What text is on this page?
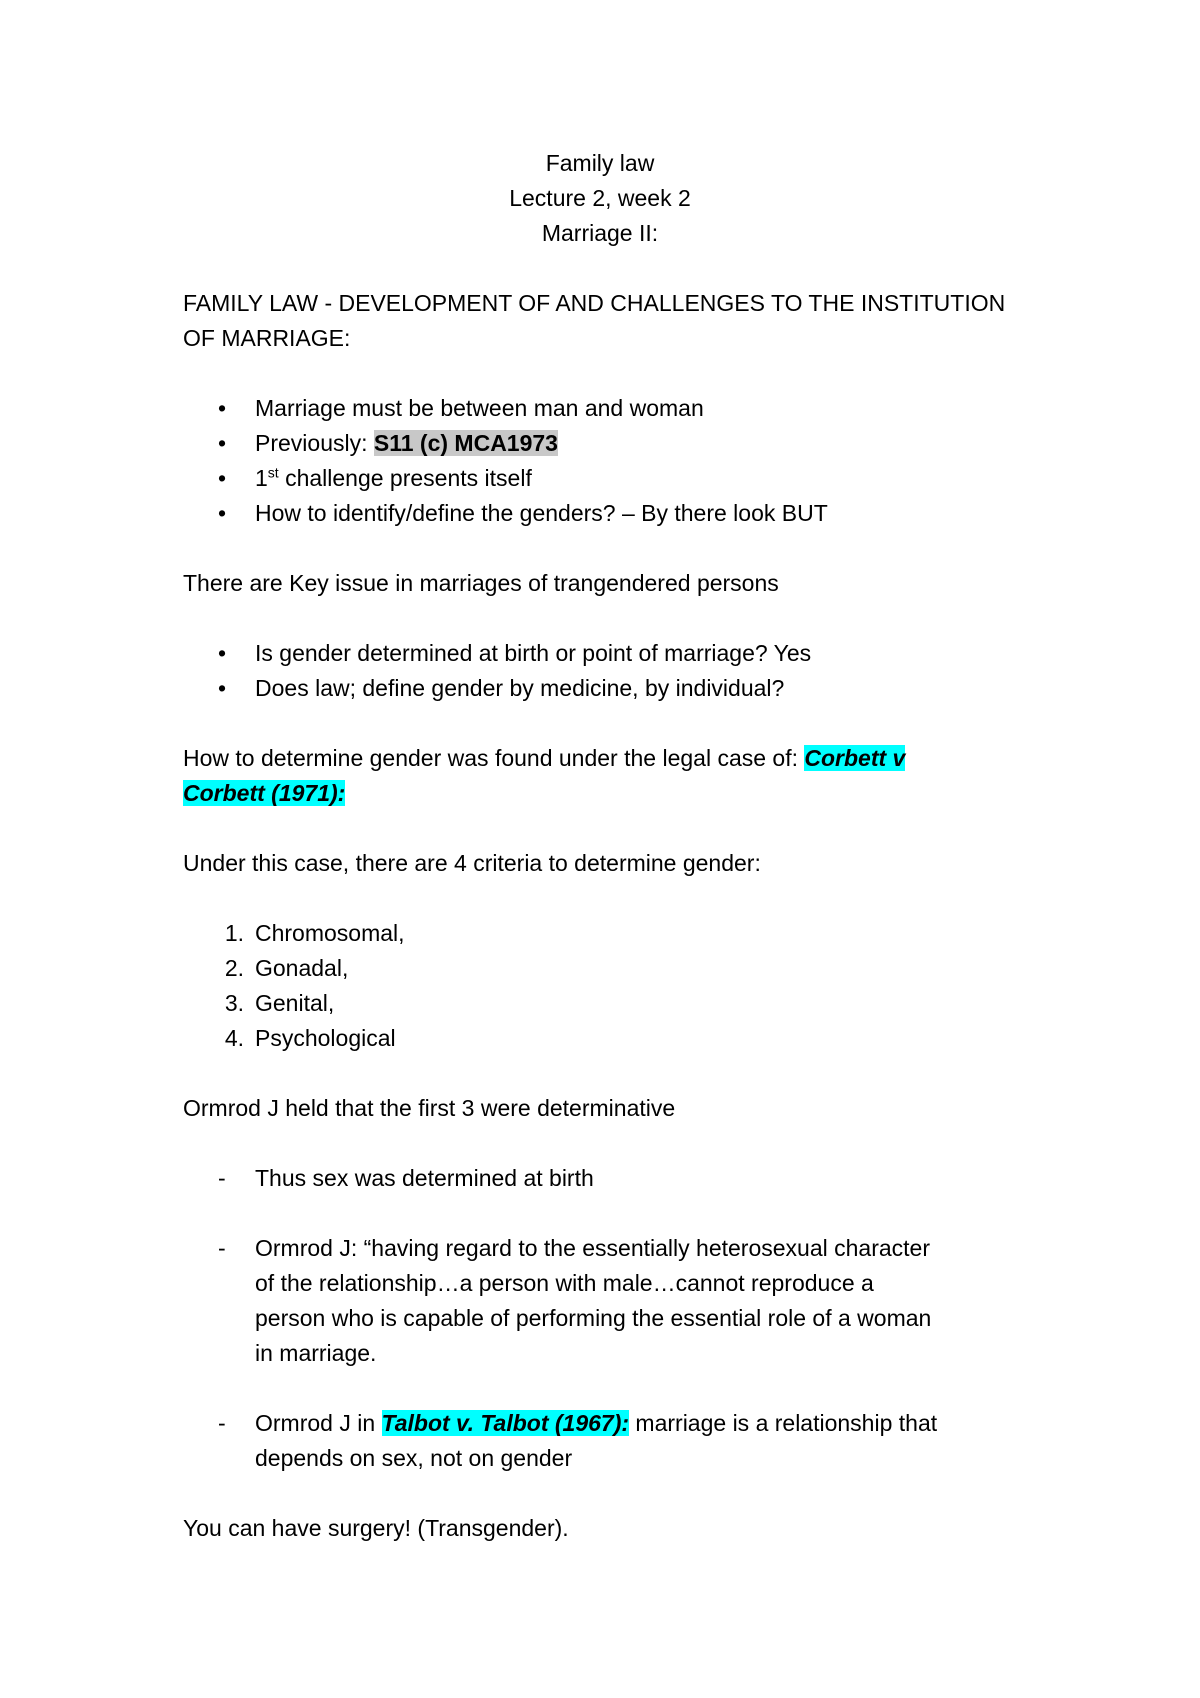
Family law

Lecture 2, week 2

Marriage II:

FAMILY LAW - DEVELOPMENT OF AND CHALLENGES TO THE INSTITUTION

OF MARRIAGE:

• Marriage must be between man and woman

• Previously: S11 (c) MCA1973

• 1st challenge presents itself

• How to identify/define the genders? – By there look BUT

There are Key issue in marriages of trangendered persons

• Is gender determined at birth or point of marriage? Yes

• Does law; define gender by medicine, by individual?

How to determine gender was found under the legal case of: Corbett v

Corbett (1971):

Under this case, there are 4 criteria to determine gender:

1. Chromosomal,

2. Gonadal,

3. Genital,

4. Psychological

Ormrod J held that the first 3 were determinative

- Thus sex was determined at birth

- Ormrod J: “having regard to the essentially heterosexual character

of the relationship…a person with male…cannot reproduce a

person who is capable of performing the essential role of a woman

in marriage.

- Ormrod J in Talbot v. Talbot (1967): marriage is a relationship that

depends on sex, not on gender

You can have surgery! (Transgender).
